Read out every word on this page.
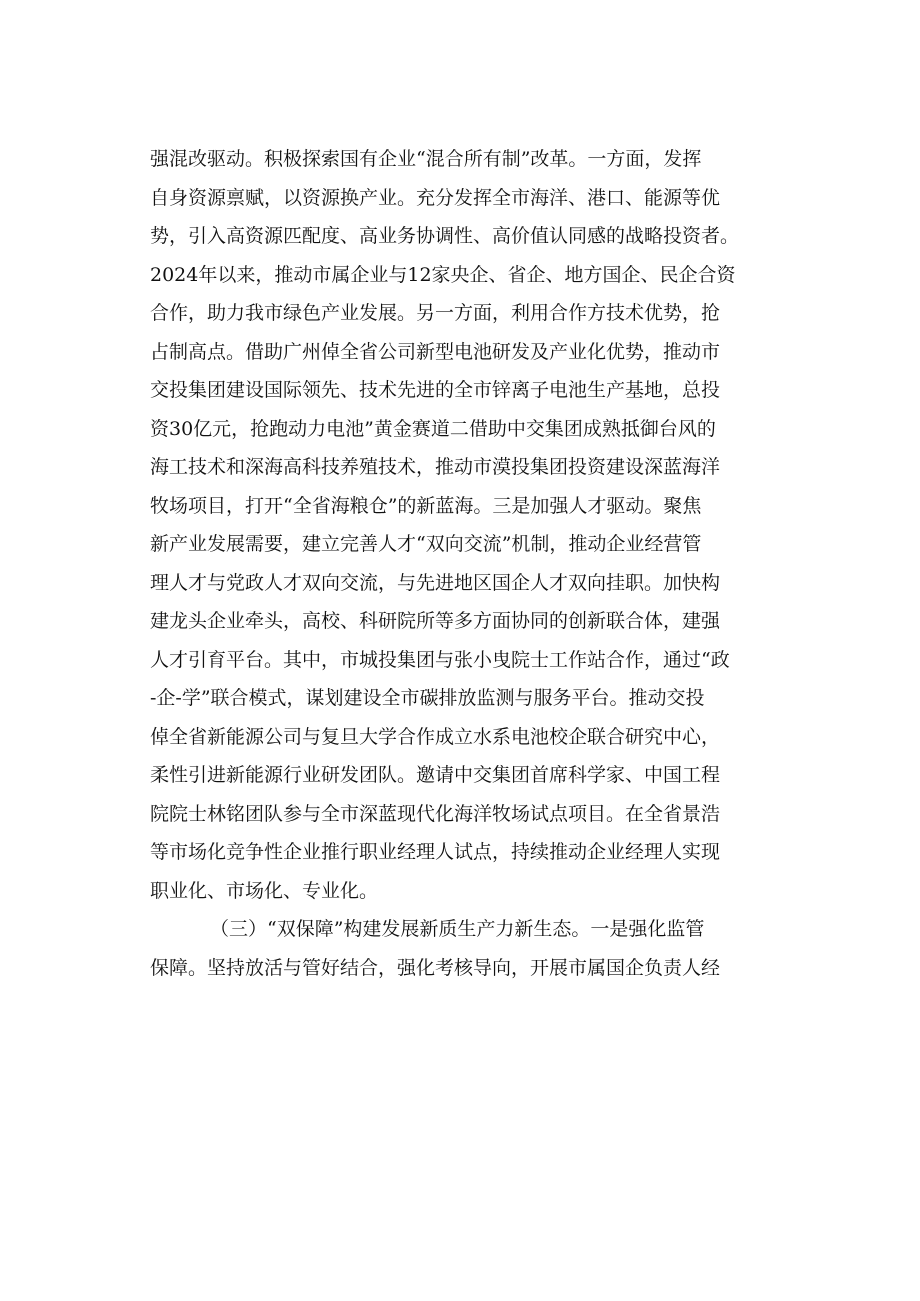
强混改驱动。积极探索国有企业“混合所有制”改革。一方面，发挥
自身资源禀赋，以资源换产业。充分发挥全市海洋、港口、能源等优
势，引入高资源匹配度、高业务协调性、高价值认同感的战略投资者。
2024年以来，推动市属企业与12家央企、省企、地方国企、民企合资
合作，助力我市绿色产业发展。另一方面，利用合作方技术优势，抢
占制高点。借助广州倬全省公司新型电池研发及产业化优势，推动市
交投集团建设国际领先、技术先进的全市锌离子电池生产基地，总投
资30亿元，抢跑动力电池”黄金赛道二借助中交集团成熟抵御台风的
海工技术和深海高科技养殖技术，推动市漠投集团投资建设深蓝海洋
牧场项目，打开“全省海粮仓”的新蓝海。三是加强人才驱动。聚焦
新产业发展需要，建立完善人才“双向交流”机制，推动企业经营管
理人才与党政人才双向交流，与先进地区国企人才双向挂职。加快构
建龙头企业牵头，高校、科研院所等多方面协同的创新联合体，建强
人才引育平台。其中，市城投集团与张小曳院士工作站合作，通过“政
-企-学”联合模式，谋划建设全市碳排放监测与服务平台。推动交投
倬全省新能源公司与复旦大学合作成立水系电池校企联合研究中心，
柔性引进新能源行业研发团队。邀请中交集团首席科学家、中国工程
院院士林铭团队参与全市深蓝现代化海洋牧场试点项目。在全省景浩
等市场化竞争性企业推行职业经理人试点，持续推动企业经理人实现
职业化、市场化、专业化。
（三）“双保障”构建发展新质生产力新生态。一是强化监管
保障。坚持放活与管好结合，强化考核导向，开展市属国企负责人经
